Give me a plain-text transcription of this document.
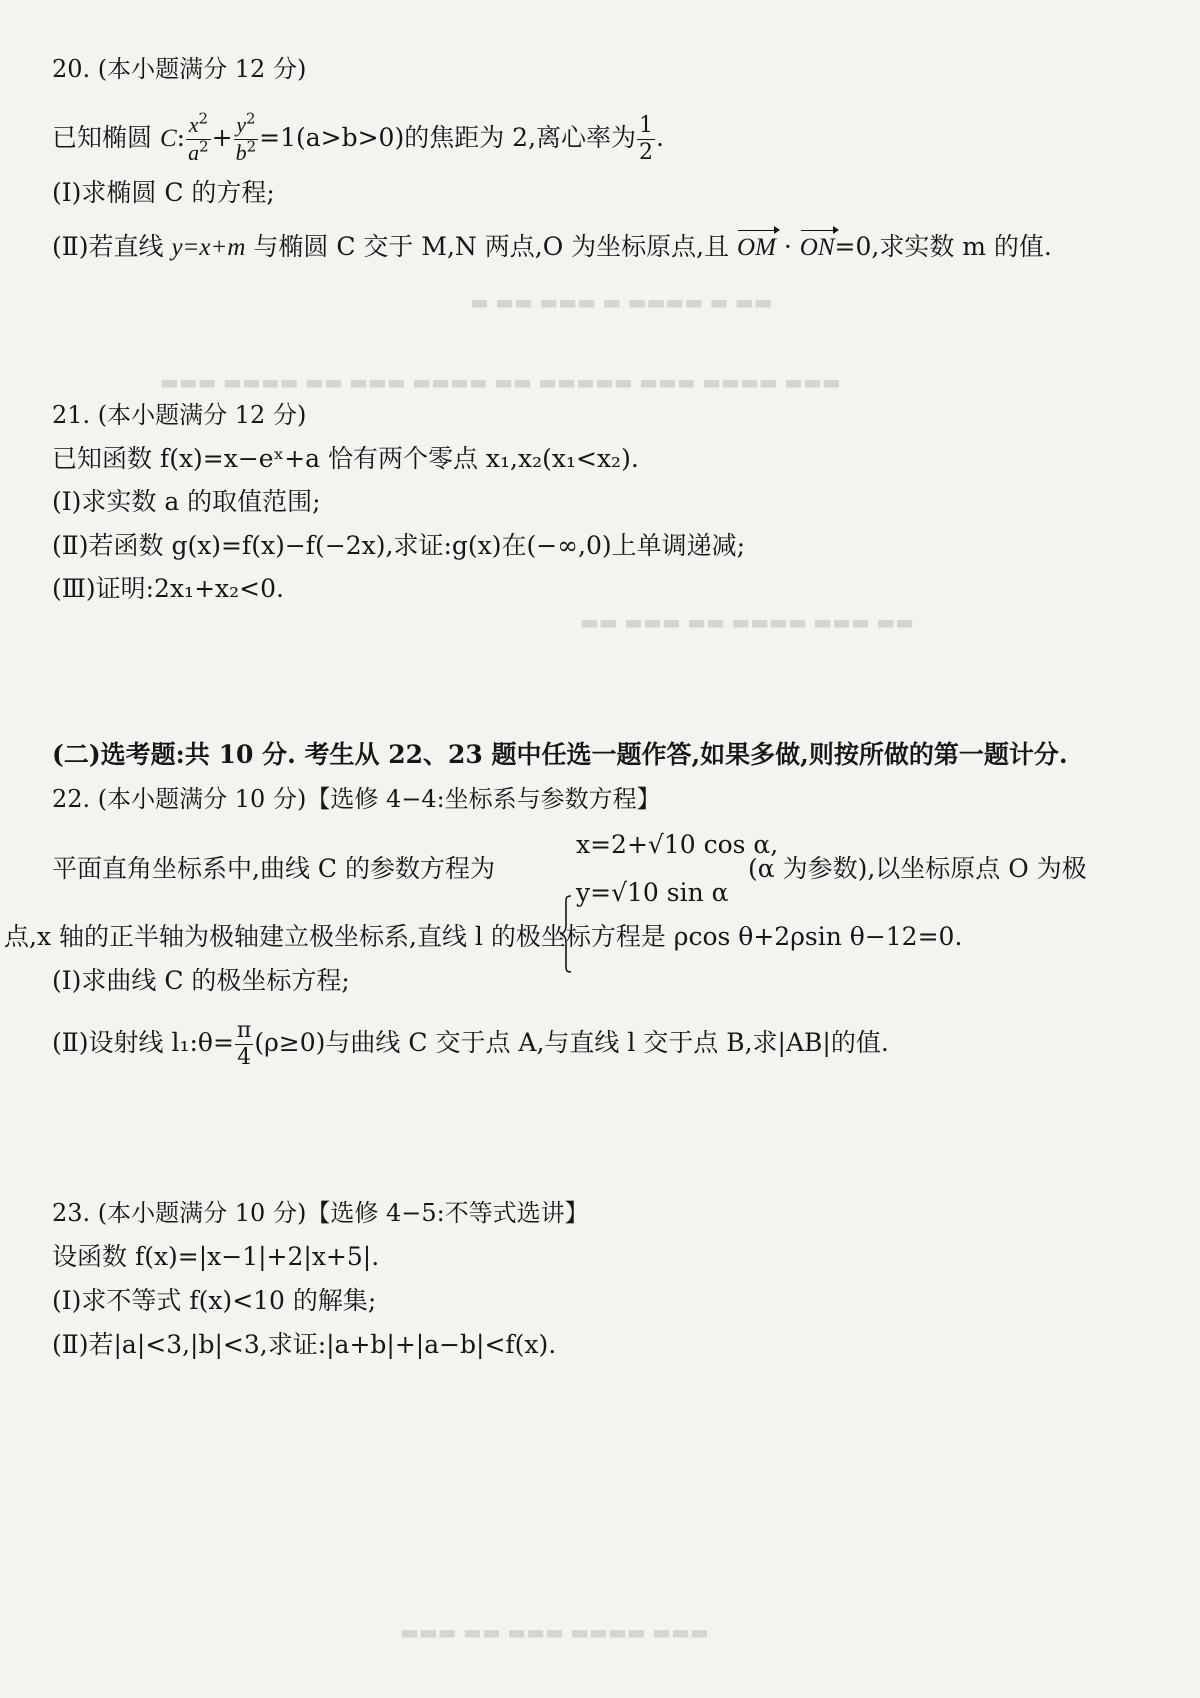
▬ ▬▬ ▬▬▬ ▬ ▬▬▬▬ ▬ ▬▬
▬▬▬ ▬▬▬▬ ▬▬ ▬▬▬ ▬▬▬▬ ▬▬ ▬▬▬▬▬ ▬▬▬ ▬▬▬▬ ▬▬▬
▬▬ ▬▬▬ ▬▬ ▬▬▬▬ ▬▬▬ ▬▬
▬▬▬ ▬▬ ▬▬▬ ▬▬▬▬ ▬▬▬
20. (本小题满分 12 分)
已知椭圆 C: $\frac{x^2}{a^2} + \frac{y^2}{b^2} =1(a>b>0)$的焦距为 2,离心率为 $\frac{1}{2}$ .
(Ⅰ)求椭圆 C 的方程;
(Ⅱ)若直线 y=x+m 与椭圆 C 交于 M,N 两点,O 为坐标原点,且 OM · ON=0,求实数 m 的值.
21. (本小题满分 12 分)
已知函数 f(x)=x−eˣ+a 恰有两个零点 x₁,x₂(x₁<x₂).
(Ⅰ)求实数 a 的取值范围;
(Ⅱ)若函数 g(x)=f(x)−f(−2x),求证:g(x)在(−∞,0)上单调递减;
(Ⅲ)证明:2x₁+x₂<0.
(二)选考题:共 10 分. 考生从 22、23 题中任选一题作答,如果多做,则按所做的第一题计分.
22. (本小题满分 10 分)【选修 4−4:坐标系与参数方程】
平面直角坐标系中,曲线 C 的参数方程为
x=2+√10 cos α,
y=√10 sin α
(α 为参数),以坐标原点 O 为极
点,x 轴的正半轴为极轴建立极坐标系,直线 l 的极坐标方程是 ρcos θ+2ρsin θ−12=0.
(Ⅰ)求曲线 C 的极坐标方程;
(Ⅱ)设射线 l₁:θ= $\frac{\pi}{4} (\rho\ge 0)$与曲线 C 交于点 A,与直线 l 交于点 B,求|AB|的值.
23. (本小题满分 10 分)【选修 4−5:不等式选讲】
设函数 f(x)=|x−1|+2|x+5|.
(Ⅰ)求不等式 f(x)<10 的解集;
(Ⅱ)若|a|<3,|b|<3,求证:|a+b|+|a−b|<f(x).
